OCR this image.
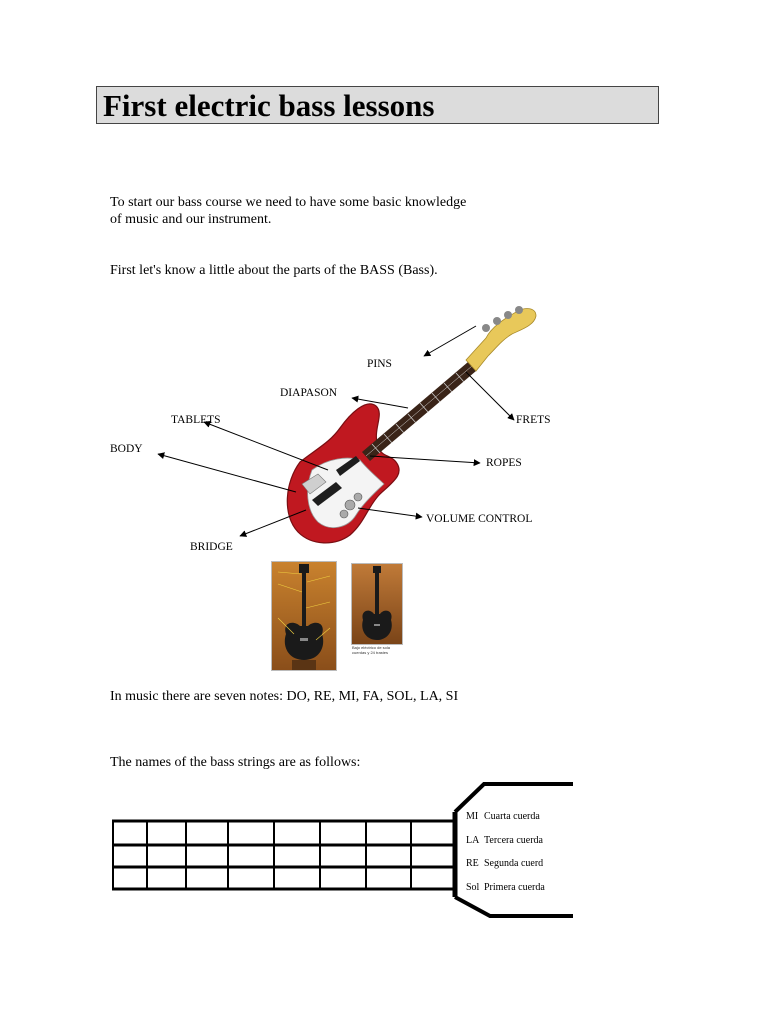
First electric bass lessons
To start our bass course we need to have some basic knowledge
of music and our instrument.
First let's know a little about the parts of the BASS (Bass).
PINS
DIAPASON
TABLETS	FRETS
BODY
ROPES
VOLUME CONTROL
BRIDGE
Bajo eléctrico de sola
cuerdas y 24 trastes
In music there are seven notes: DO, RE, MI, FA, SOL, LA, SI
The names of the bass strings are as follows:
MI Cuarta cuerda
LA Tercera cuerda
RE Segunda cuerd
Sol Primera cuerda
